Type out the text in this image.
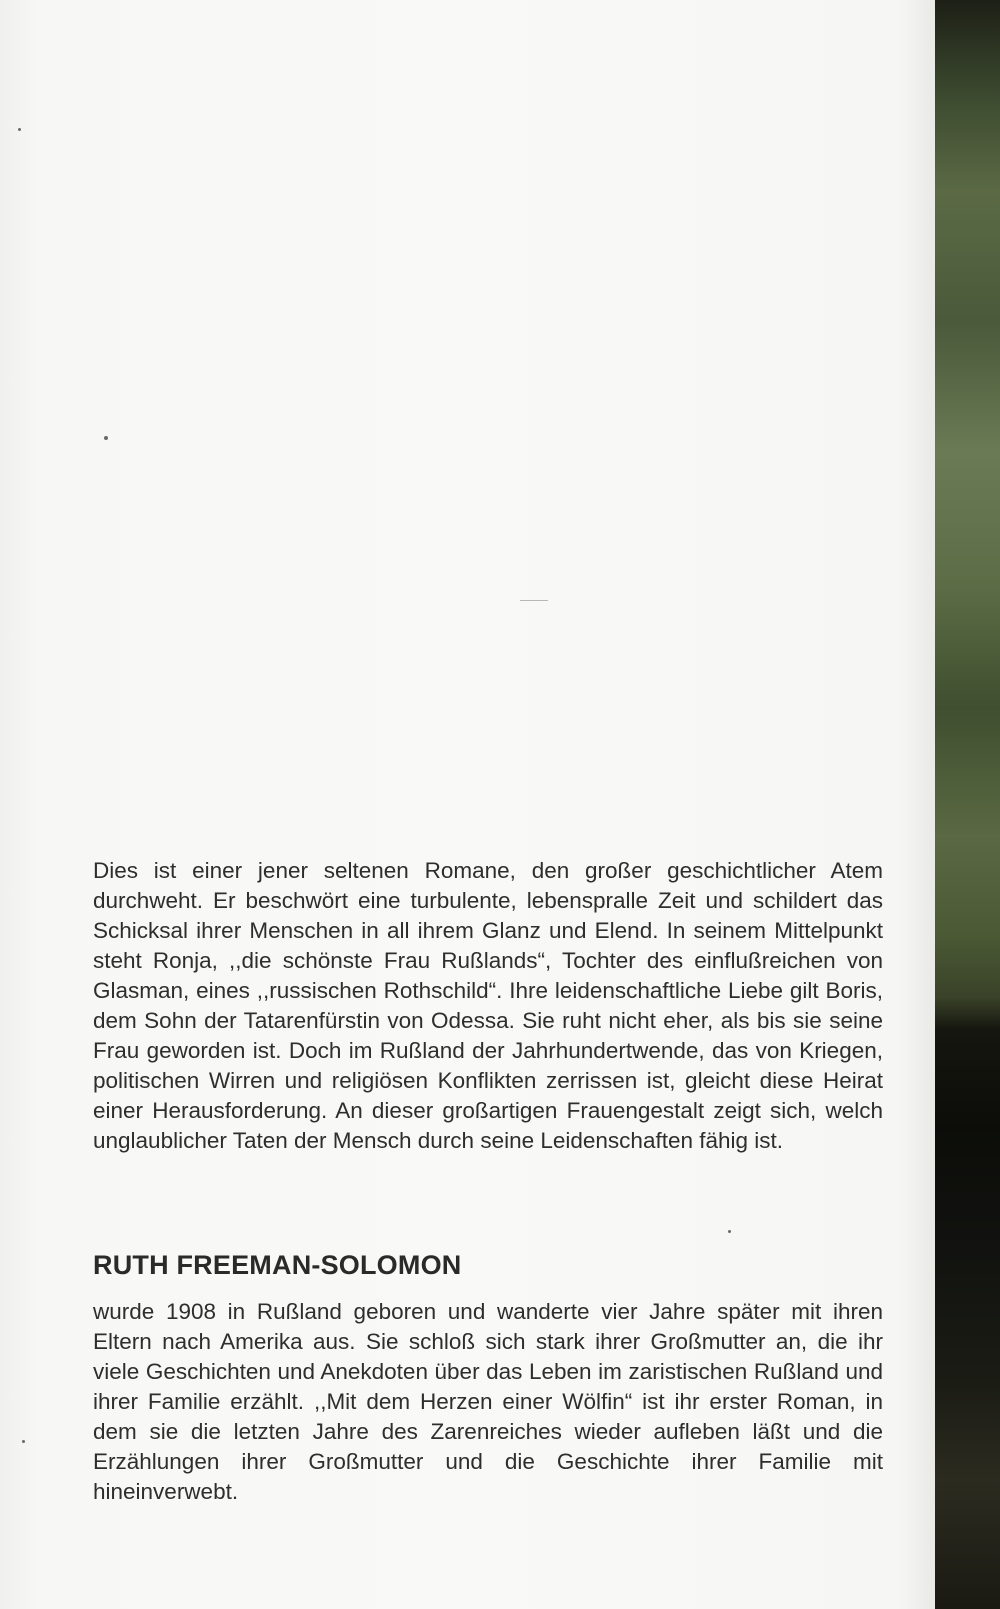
Dies ist einer jener seltenen Romane, den großer geschichtlicher Atem durchweht. Er beschwört eine turbulente, lebenspralle Zeit und schildert das Schicksal ihrer Menschen in all ihrem Glanz und Elend. In seinem Mittelpunkt steht Ronja, ,,die schönste Frau Rußlands“, Tochter des einflußreichen von Glasman, eines ,,russischen Rothschild“. Ihre leidenschaftliche Liebe gilt Boris, dem Sohn der Tatarenfürstin von Odessa. Sie ruht nicht eher, als bis sie seine Frau geworden ist. Doch im Rußland der Jahrhundertwende, das von Kriegen, politischen Wirren und religiösen Konflikten zerrissen ist, gleicht diese Heirat einer Herausforderung. An dieser großartigen Frauengestalt zeigt sich, welch unglaublicher Taten der Mensch durch seine Leidenschaften fähig ist.

RUTH FREEMAN-SOLOMON

wurde 1908 in Rußland geboren und wanderte vier Jahre später mit ihren Eltern nach Amerika aus. Sie schloß sich stark ihrer Großmutter an, die ihr viele Geschichten und Anekdoten über das Leben im zaristischen Rußland und ihrer Familie erzählt. ,,Mit dem Herzen einer Wölfin“ ist ihr erster Roman, in dem sie die letzten Jahre des Zarenreiches wieder aufleben läßt und die Erzählungen ihrer Großmutter und die Geschichte ihrer Familie mit hineinverwebt.
